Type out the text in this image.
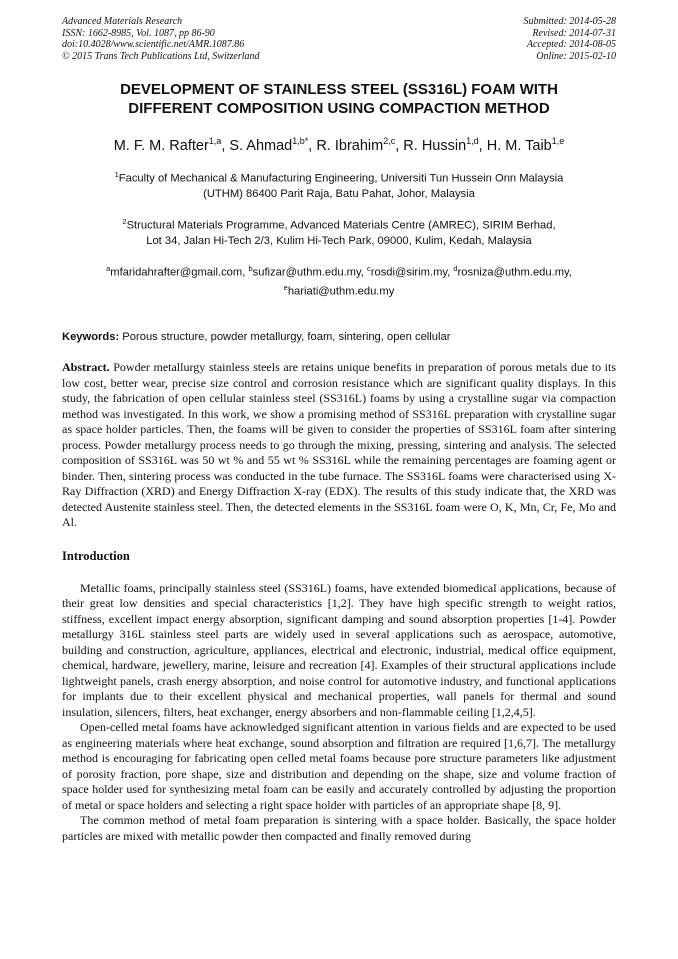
Advanced Materials Research
ISSN: 1662-8985, Vol. 1087, pp 86-90
doi:10.4028/www.scientific.net/AMR.1087.86
© 2015 Trans Tech Publications Ltd, Switzerland
Submitted: 2014-05-28
Revised: 2014-07-31
Accepted: 2014-08-05
Online: 2015-02-10
DEVELOPMENT OF STAINLESS STEEL (SS316L) FOAM WITH
DIFFERENT COMPOSITION USING COMPACTION METHOD
M. F. M. Rafter$^{1,a}$, S. Ahmad$^{1,b*}$, R. Ibrahim$^{2,c}$, R. Hussin$^{1,d}$, H. M. Taib$^{1,e}$
$^1$Faculty of Mechanical & Manufacturing Engineering, Universiti Tun Hussein Onn Malaysia
(UTHM) 86400 Parit Raja, Batu Pahat, Johor, Malaysia
$^2$Structural Materials Programme, Advanced Materials Centre (AMREC), SIRIM Berhad,
Lot 34, Jalan Hi-Tech 2/3, Kulim Hi-Tech Park, 09000, Kulim, Kedah, Malaysia
$^a$mfaridahrafter@gmail.com, $^b$sufizar@uthm.edu.my, $^c$rosdi@sirim.my, $^d$rosniza@uthm.edu.my,
$^e$hariati@uthm.edu.my
Keywords: Porous structure, powder metallurgy, foam, sintering, open cellular
Abstract. Powder metallurgy stainless steels are retains unique benefits in preparation of porous metals due to its low cost, better wear, precise size control and corrosion resistance which are significant quality displays. In this study, the fabrication of open cellular stainless steel (SS316L) foams by using a crystalline sugar via compaction method was investigated. In this work, we show a promising method of SS316L preparation with crystalline sugar as space holder particles. Then, the foams will be given to consider the properties of SS316L foam after sintering process. Powder metallurgy process needs to go through the mixing, pressing, sintering and analysis. The selected composition of SS316L was 50 wt % and 55 wt % SS316L while the remaining percentages are foaming agent or binder. Then, sintering process was conducted in the tube furnace. The SS316L foams were characterised using X-Ray Diffraction (XRD) and Energy Diffraction X-ray (EDX). The results of this study indicate that, the XRD was detected Austenite stainless steel. Then, the detected elements in the SS316L foam were O, K, Mn, Cr, Fe, Mo and Al.
Introduction

Metallic foams, principally stainless steel (SS316L) foams, have extended biomedical applications, because of their great low densities and special characteristics [1,2]. They have high specific strength to weight ratios, stiffness, excellent impact energy absorption, significant damping and sound absorption properties [1-4]. Powder metallurgy 316L stainless steel parts are widely used in several applications such as aerospace, automotive, building and construction, agriculture, appliances, electrical and electronic, industrial, medical office equipment, chemical, hardware, jewellery, marine, leisure and recreation [4]. Examples of their structural applications include lightweight panels, crash energy absorption, and noise control for automotive industry, and functional applications for implants due to their excellent physical and mechanical properties, wall panels for thermal and sound insulation, silencers, filters, heat exchanger, energy absorbers and non-flammable ceiling [1,2,4,5].

Open-celled metal foams have acknowledged significant attention in various fields and are expected to be used as engineering materials where heat exchange, sound absorption and filtration are required [1,6,7]. The metallurgy method is encouraging for fabricating open celled metal foams because pore structure parameters like adjustment of porosity fraction, pore shape, size and distribution and depending on the shape, size and volume fraction of space holder used for synthesizing metal foam can be easily and accurately controlled by adjusting the proportion of metal or space holders and selecting a right space holder with particles of an appropriate shape [8, 9].

The common method of metal foam preparation is sintering with a space holder. Basically, the space holder particles are mixed with metallic powder then compacted and finally removed during
